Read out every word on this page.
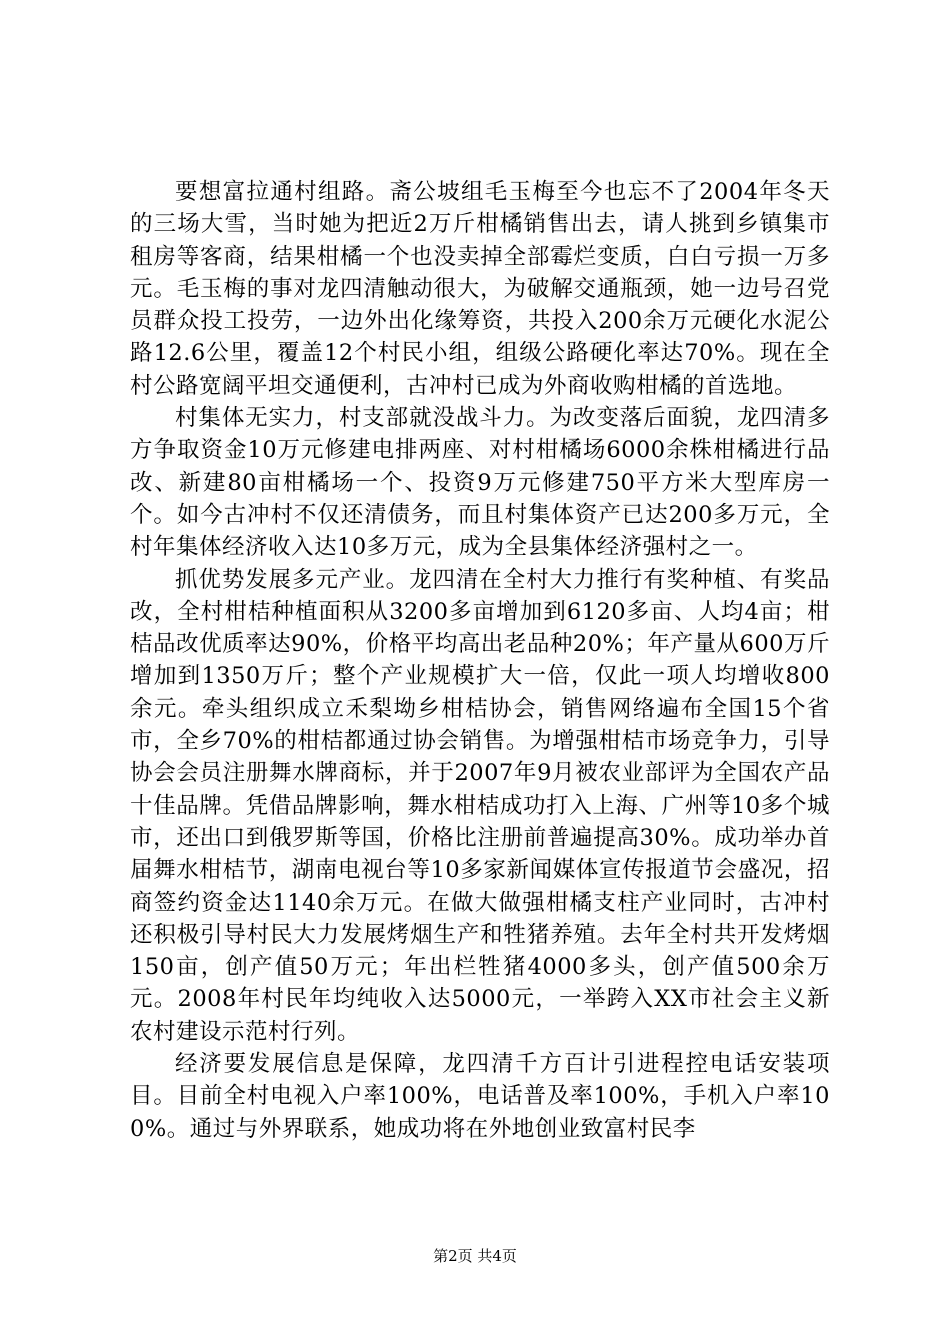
要想富拉通村组路。斋公坡组毛玉梅至今也忘不了2004年冬天的三场大雪，当时她为把近2万斤柑橘销售出去，请人挑到乡镇集市租房等客商，结果柑橘一个也没卖掉全部霉烂变质，白白亏损一万多元。毛玉梅的事对龙四清触动很大，为破解交通瓶颈，她一边号召党员群众投工投劳，一边外出化缘筹资，共投入200余万元硬化水泥公路12.6公里，覆盖12个村民小组，组级公路硬化率达70%。现在全村公路宽阔平坦交通便利，古冲村已成为外商收购柑橘的首选地。

村集体无实力，村支部就没战斗力。为改变落后面貌，龙四清多方争取资金10万元修建电排两座、对村柑橘场6000余株柑橘进行品改、新建80亩柑橘场一个、投资9万元修建750平方米大型库房一个。如今古冲村不仅还清债务，而且村集体资产已达200多万元，全村年集体经济收入达10多万元，成为全县集体经济强村之一。

抓优势发展多元产业。龙四清在全村大力推行有奖种植、有奖品改，全村柑桔种植面积从3200多亩增加到6120多亩、人均4亩；柑桔品改优质率达90%，价格平均高出老品种20%；年产量从600万斤增加到1350万斤；整个产业规模扩大一倍，仅此一项人均增收800余元。牵头组织成立禾梨坳乡柑桔协会，销售网络遍布全国15个省市，全乡70%的柑桔都通过协会销售。为增强柑桔市场竞争力，引导协会会员注册舞水牌商标，并于2007年9月被农业部评为全国农产品十佳品牌。凭借品牌影响，舞水柑桔成功打入上海、广州等10多个城市，还出口到俄罗斯等国，价格比注册前普遍提高30%。成功举办首届舞水柑桔节，湖南电视台等10多家新闻媒体宣传报道节会盛况，招商签约资金达1140余万元。在做大做强柑橘支柱产业同时，古冲村还积极引导村民大力发展烤烟生产和牲猪养殖。去年全村共开发烤烟150亩，创产值50万元；年出栏牲猪4000多头，创产值500余万元。2008年村民年均纯收入达5000元，一举跨入XX市社会主义新农村建设示范村行列。

经济要发展信息是保障，龙四清千方百计引进程控电话安装项目。目前全村电视入户率100%，电话普及率100%，手机入户率100%。通过与外界联系，她成功将在外地创业致富村民李

第2页 共4页
